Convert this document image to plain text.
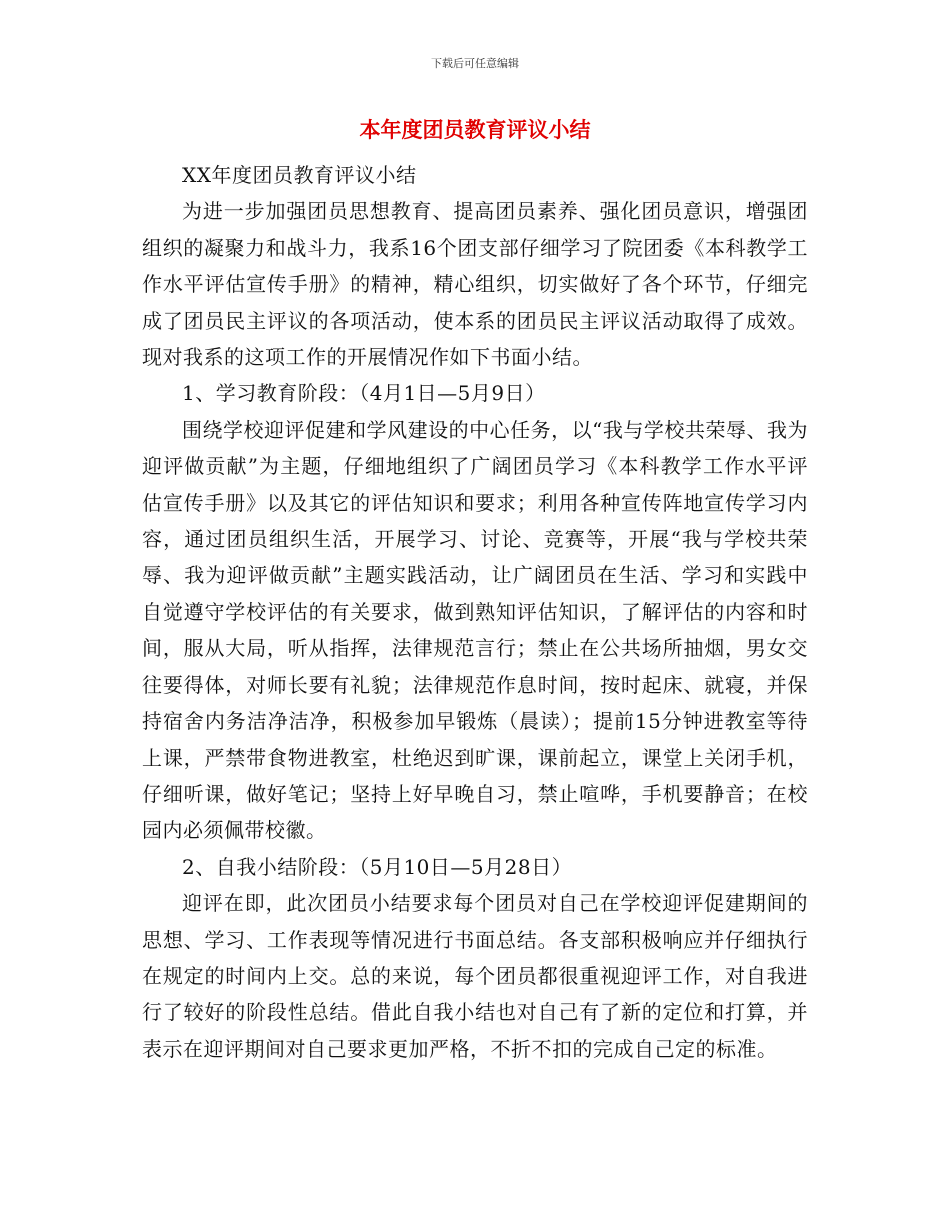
下载后可任意编辑
本年度团员教育评议小结

XX年度团员教育评议小结

为进一步加强团员思想教育、提高团员素养、强化团员意识，增强团组织的凝聚力和战斗力，我系16个团支部仔细学习了院团委《本科教学工作水平评估宣传手册》的精神，精心组织，切实做好了各个环节，仔细完成了团员民主评议的各项活动，使本系的团员民主评议活动取得了成效。现对我系的这项工作的开展情况作如下书面小结。

1、学习教育阶段：（4月1日—5月9日）

围绕学校迎评促建和学风建设的中心任务，以“我与学校共荣辱、我为迎评做贡献”为主题，仔细地组织了广阔团员学习《本科教学工作水平评估宣传手册》以及其它的评估知识和要求；利用各种宣传阵地宣传学习内容，通过团员组织生活，开展学习、讨论、竞赛等，开展“我与学校共荣辱、我为迎评做贡献”主题实践活动，让广阔团员在生活、学习和实践中自觉遵守学校评估的有关要求，做到熟知评估知识，了解评估的内容和时间，服从大局，听从指挥，法律规范言行；禁止在公共场所抽烟，男女交往要得体，对师长要有礼貌；法律规范作息时间，按时起床、就寝，并保持宿舍内务洁净洁净，积极参加早锻炼（晨读）；提前15分钟进教室等待上课，严禁带食物进教室，杜绝迟到旷课，课前起立，课堂上关闭手机，仔细听课，做好笔记；坚持上好早晚自习，禁止喧哗，手机要静音；在校园内必须佩带校徽。

2、自我小结阶段：（5月10日—5月28日）

迎评在即，此次团员小结要求每个团员对自己在学校迎评促建期间的思想、学习、工作表现等情况进行书面总结。各支部积极响应并仔细执行在规定的时间内上交。总的来说，每个团员都很重视迎评工作，对自我进行了较好的阶段性总结。借此自我小结也对自己有了新的定位和打算，并表示在迎评期间对自己要求更加严格，不折不扣的完成自己定的标准。
